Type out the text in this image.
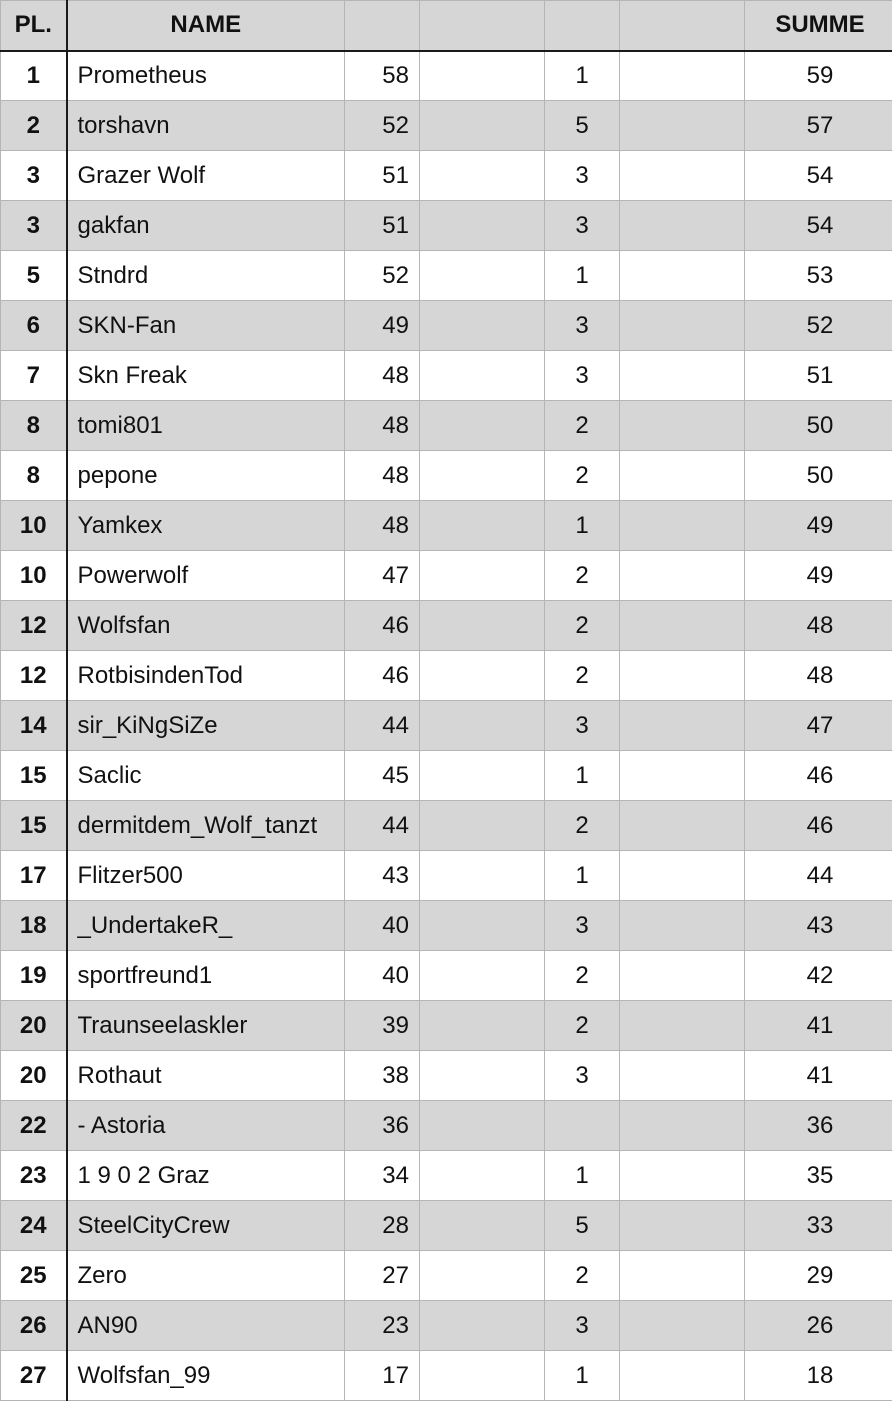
PL.	NAME					SUMME
1	Prometheus	58		1		59
2	torshavn	52		5		57
3	Grazer Wolf	51		3		54
3	gakfan	51		3		54
5	Stndrd	52		1		53
6	SKN-Fan	49		3		52
7	Skn Freak	48		3		51
8	tomi801	48		2		50
8	pepone	48		2		50
10	Yamkex	48		1		49
10	Powerwolf	47		2		49
12	Wolfsfan	46		2		48
12	RotbisindenTod	46		2		48
14	sir_KiNgSiZe	44		3		47
15	Saclic	45		1		46
15	dermitdem_Wolf_tanzt	44		2		46
17	Flitzer500	43		1		44
18	_UndertakeR_	40		3		43
19	sportfreund1	40		2		42
20	Traunseelaskler	39		2		41
20	Rothaut	38		3		41
22	- Astoria	36				36
23	1 9 0 2 Graz	34		1		35
24	SteelCityCrew	28		5		33
25	Zero	27		2		29
26	AN90	23		3		26
27	Wolfsfan_99	17		1		18
